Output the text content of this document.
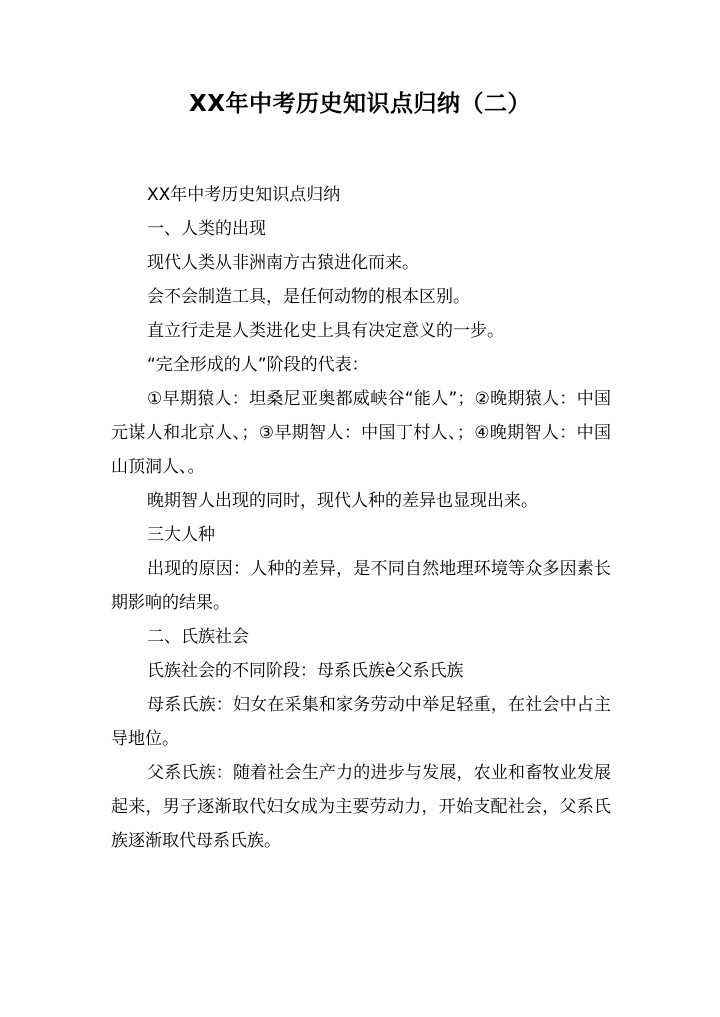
XX年中考历史知识点归纳（二）

XX年中考历史知识点归纳

一、人类的出现

现代人类从非洲南方古猿进化而来。

会不会制造工具，是任何动物的根本区别。

直立行走是人类进化史上具有决定意义的一步。

“完全形成的人”阶段的代表：

①早期猿人：坦桑尼亚奥都威峡谷“能人”；②晚期猿人：中国元谋人和北京人、；③早期智人：中国丁村人、；④晚期智人：中国山顶洞人、。

晚期智人出现的同时，现代人种的差异也显现出来。

三大人种

出现的原因：人种的差异，是不同自然地理环境等众多因素长期影响的结果。

二、氏族社会

氏族社会的不同阶段：母系氏族è父系氏族

母系氏族：妇女在采集和家务劳动中举足轻重，在社会中占主导地位。

父系氏族：随着社会生产力的进步与发展，农业和畜牧业发展起来，男子逐渐取代妇女成为主要劳动力，开始支配社会，父系氏族逐渐取代母系氏族。
